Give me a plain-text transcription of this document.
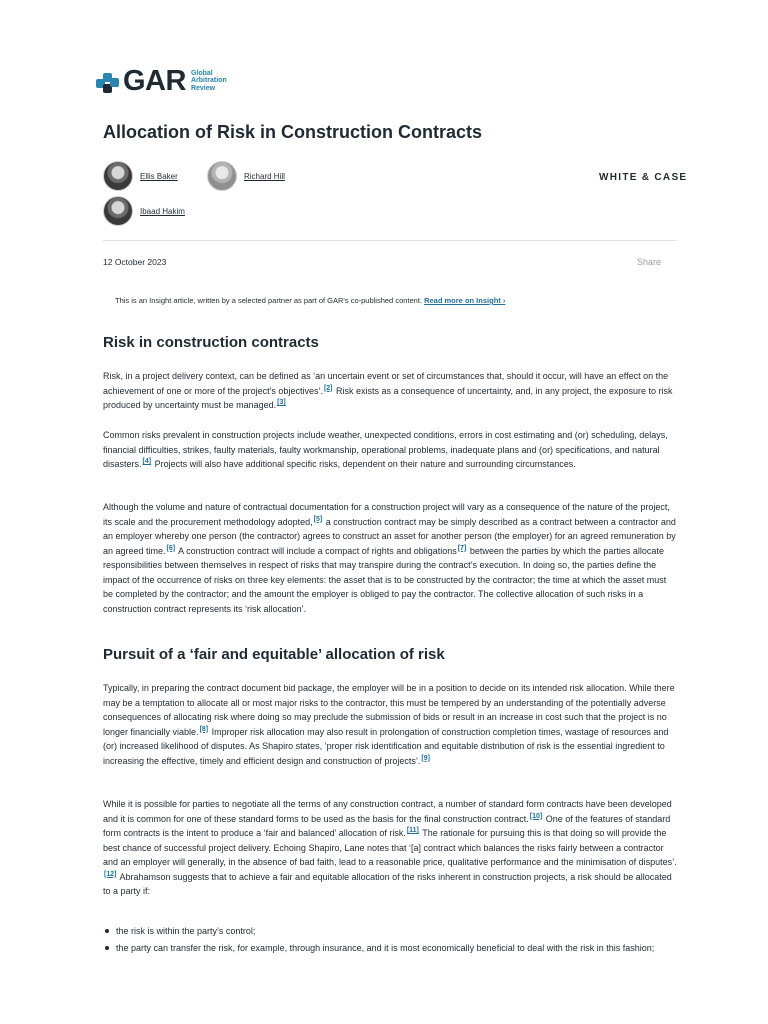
GAR Global
Arbitration
Review
Allocation of Risk in Construction Contracts
Ellis Baker	Richard Hill
Ibaad Hakim
WHITE & CASE
12 October 2023	Share
This is an Insight article, written by a selected partner as part of GAR's co-published content. Read more on Insight ›
Risk in construction contracts

Risk, in a project delivery context, can be defined as ‘an uncertain event or set of circumstances that, should it occur, will have an effect on the achievement of one or more of the project’s objectives’.[2] Risk exists as a consequence of uncertainty, and, in any project, the exposure to risk produced by uncertainty must be managed.[3]

Common risks prevalent in construction projects include weather, unexpected conditions, errors in cost estimating and (or) scheduling, delays, financial difficulties, strikes, faulty materials, faulty workmanship, operational problems, inadequate plans and (or) specifications, and natural disasters.[4] Projects will also have additional specific risks, dependent on their nature and surrounding circumstances.

Although the volume and nature of contractual documentation for a construction project will vary as a consequence of the nature of the project, its scale and the procurement methodology adopted,[5] a construction contract may be simply described as a contract between a contractor and an employer whereby one person (the contractor) agrees to construct an asset for another person (the employer) for an agreed remuneration by an agreed time.[6] A construction contract will include a compact of rights and obligations[7] between the parties by which the parties allocate responsibilities between themselves in respect of risks that may transpire during the contract’s execution. In doing so, the parties define the impact of the occurrence of risks on three key elements: the asset that is to be constructed by the contractor; the time at which the asset must be completed by the contractor; and the amount the employer is obliged to pay the contractor. The collective allocation of such risks in a construction contract represents its ‘risk allocation’.

Pursuit of a ‘fair and equitable’ allocation of risk

Typically, in preparing the contract document bid package, the employer will be in a position to decide on its intended risk allocation. While there may be a temptation to allocate all or most major risks to the contractor, this must be tempered by an understanding of the potentially adverse consequences of allocating risk where doing so may preclude the submission of bids or result in an increase in cost such that the project is no longer financially viable.[8] Improper risk allocation may also result in prolongation of construction completion times, wastage of resources and (or) increased likelihood of disputes. As Shapiro states, ‘proper risk identification and equitable distribution of risk is the essential ingredient to increasing the effective, timely and efficient design and construction of projects’.[9]

While it is possible for parties to negotiate all the terms of any construction contract, a number of standard form contracts have been developed and it is common for one of these standard forms to be used as the basis for the final construction contract.[10] One of the features of standard form contracts is the intent to produce a ‘fair and balanced’ allocation of risk.[11] The rationale for pursuing this is that doing so will provide the best chance of successful project delivery. Echoing Shapiro, Lane notes that ‘[a] contract which balances the risks fairly between a contractor and an employer will generally, in the absence of bad faith, lead to a reasonable price, qualitative performance and the minimisation of disputes’.[12] Abrahamson suggests that to achieve a fair and equitable allocation of the risks inherent in construction projects, a risk should be allocated to a party if:

the risk is within the party’s control;
the party can transfer the risk, for example, through insurance, and it is most economically beneficial to deal with the risk in this fashion;
